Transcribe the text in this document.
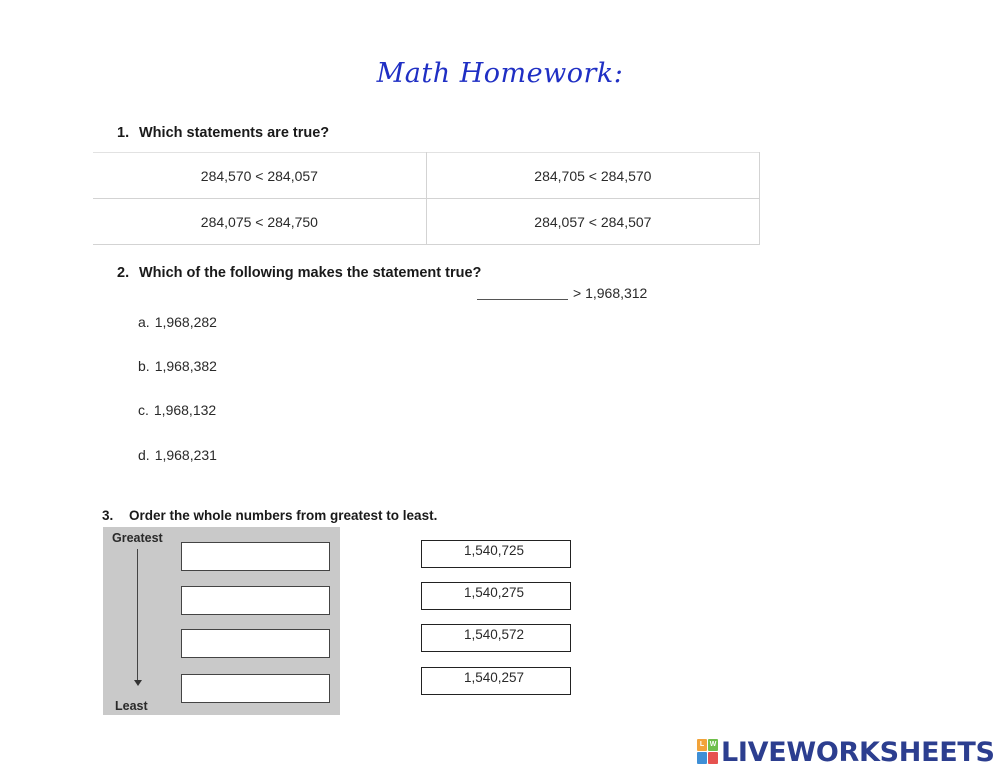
Math Homework:
1. Which statements are true?
284,570 < 284,057	284,705 < 284,570
284,075 < 284,750	284,057 < 284,507
2. Which of the following makes the statement true?
> 1,968,312
a. 1,968,282
b. 1,968,382
c. 1,968,132
d. 1,968,231
3. Order the whole numbers from greatest to least.
Greatest
Least
1,540,725
1,540,275
1,540,572
1,540,257
L W LIVEWORKSHEETS
